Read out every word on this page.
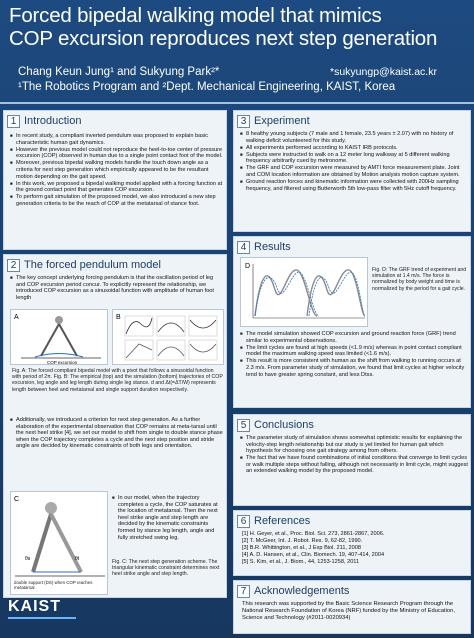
Forced bipedal walking model that mimics
COP excursion reproduces next step generation
Chang Keun Jung¹ and Sukyung Park²*	*sukyungp@kaist.ac.kr
¹The Robotics Program and ²Dept. Mechanical Engineering, KAIST, Korea
1 Introduction
■ In recent study, a compliant inverted pendulum was proposed to explain basic characteristic human gait dynamics.
■ However the previous model could not reproduce the heel-to-toe center of pressure excursion (COP) observed in human due to a single point contact foot of the model.
■ Moreover, previous bipedal walking models handle the touch down angle as a criteria for next step generation which empirically appeared to be the resultant motion depending on the gait speed.
■ In this work, we proposed a bipedal walking model applied with a forcing function at the ground contact point that generates COP excursion.
■ To perform gait simulation of the proposed model, we also introduced a new step generation criteria to be the reach of COP at the metatarsal of stance foot.
2 The forced pendulum model
■ The key concept underlying forcing pendulum is that the oscillation period of leg and COP excursion period concur. To explicitly represent the relationship, we introduced COP excursion as a sinusoidal function with amplitude of human foot length
A
COP excursion
B
Fig. A: The forced compliant bipedal model with a pivot that follows a sinusoidal function with period of 2π. Fig. B: The empirical (top) and the simulation (bottom) trajectories of COP excursion, leg angle and leg length during single leg stance. d and Δt(=ΔT/W) represents length between heel and metatarsal and single support duration respectively.
■ Additionally, we introduced a criterion for next step generation. As a further elaboration of the experimental observation that COP remains at meta-tarsal until the next heel strike [4], we set our model to shift from single to double stance phase when the COP trajectory completes a cycle and the next step position and stride angle are decided by kinematic constraints of both legs and orientation.
C
θs	θt
double support (DS) when COP reaches metatarsal
■ In our model, when the trajectory completes a cycle, the COP saturates at the location of metatarsal. Then the next heel strike angle and step length are decided by the kinematic constraints formed by stance leg length, angle and fully stretched swing leg.
Fig. C: The next step generation scheme. The triangular kinematic constraint determines next heel strike angle and step length.
3 Experiment
■ 8 healthy young subjects (7 male and 1 female, 23.5 years ± 2.07) with no history of walking deficit volunteered for this study.
■ All experiments performed according to KAIST IRB protocols.
■ Subjects were instructed to walk on a 12 meter long walkway at 5 different walking frequency arbitrarily cued by metronome.
■ The GRF and COP excursion were measured by AMTI force measurement plate. Joint and COM location information are obtained by Motion analysis motion capture system.
■ Ground reaction forces and kinematic information were collected with 200Hz sampling frequency, and filtered using Butterworth 5th low-pass filter with 5Hz cutoff frequency.
4 Results
D	Fig. D: The GRF trend of experiment and simulation at 1.4 m/s. The force is normalized by body weight and time is normalized by the period for a gait cycle.
■ The model simulation showed COP excursion and ground reaction force (GRF) trend similar to experimental observations.
■ The limit cycles are found at high speeds (<1.9 m/s) whereas in point contact compliant model the maximum walking speed was limited (<1.6 m/s).
■ This result is more consistent with human as the shift from walking to running occurs at 2.3 m/s. From parameter study of simulation, we found that limit cycles at higher velocity tend to have greater spring constant, and less Dtss.
5 Conclusions
■ The parameter study of simulation shows somewhat optimistic results for explaining the velocity-step length relationship but our study is yet limited for human gait which hypothesis for choosing one gait strategy among from others.
■ The fact that we have found combinations of initial conditions that converge to limit cycles or walk multiple steps without falling, although not necessarily in limit cycle, might suggest an extended walking model by the proposed model.
6 References
[1] H. Geyer, et al., Proc. Biol. Sci. 273, 2861-2867, 2006.
[2] T. McGeer, Int. J. Robot. Res. 9, 62-82, 1990.
[3] B.R. Whittington, et al., J Exp Biol. 211, 2008
[4] A. D. Hansen, et al., Clin. Biomech. 19, 407-414, 2004
[5] S. Kim, et al., J. Biom., 44, 1253-1258, 2011
7 Acknowledgements
This research was supported by the Basic Science Research Program through the National Research Foundation of Korea (NRF) funded by the Ministry of Education, Science and Technology (#2011-0020934)
KAIST
